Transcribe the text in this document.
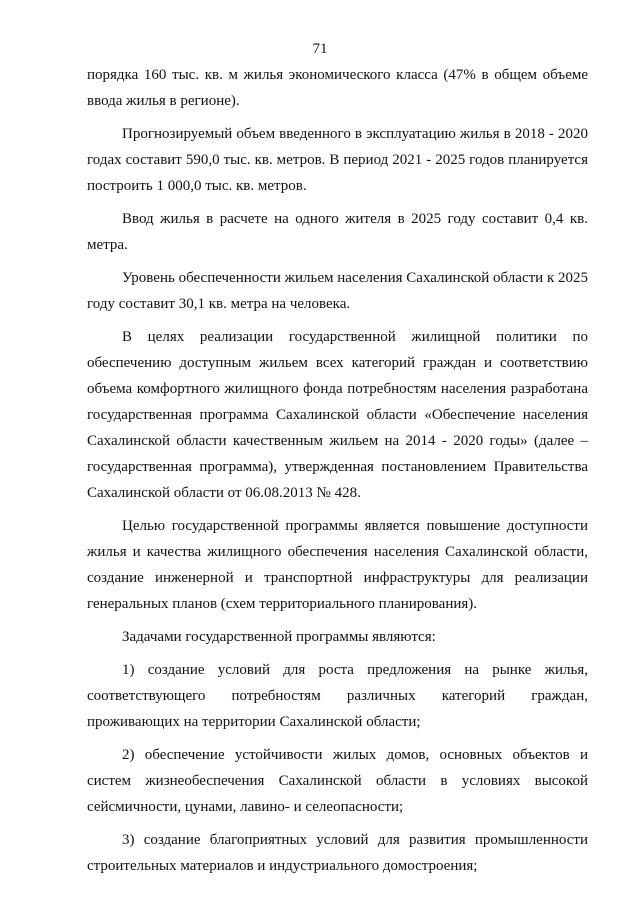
71

порядка 160 тыс. кв. м жилья экономического класса (47% в общем объеме ввода жилья в регионе).

Прогнозируемый объем введенного в эксплуатацию жилья в 2018 - 2020 годах составит 590,0 тыс. кв. метров. В период 2021 - 2025 годов планируется построить 1 000,0 тыс. кв. метров.

Ввод жилья в расчете на одного жителя в 2025 году составит 0,4 кв. метра.

Уровень обеспеченности жильем населения Сахалинской области к 2025 году составит 30,1 кв. метра на человека.

В целях реализации государственной жилищной политики по обеспечению доступным жильем всех категорий граждан и соответствию объема комфортного жилищного фонда потребностям населения разработана государственная программа Сахалинской области «Обеспечение населения Сахалинской области качественным жильем на 2014 - 2020 годы» (далее – государственная программа), утвержденная постановлением Правительства Сахалинской области от 06.08.2013 № 428.

Целью государственной программы является повышение доступности жилья и качества жилищного обеспечения населения Сахалинской области, создание инженерной и транспортной инфраструктуры для реализации генеральных планов (схем территориального планирования).

Задачами государственной программы являются:

1) создание условий для роста предложения на рынке жилья, соответствующего потребностям различных категорий граждан, проживающих на территории Сахалинской области;

2) обеспечение устойчивости жилых домов, основных объектов и систем жизнеобеспечения Сахалинской области в условиях высокой сейсмичности, цунами, лавино- и селеопасности;

3) создание благоприятных условий для развития промышленности строительных материалов и индустриального домостроения;
